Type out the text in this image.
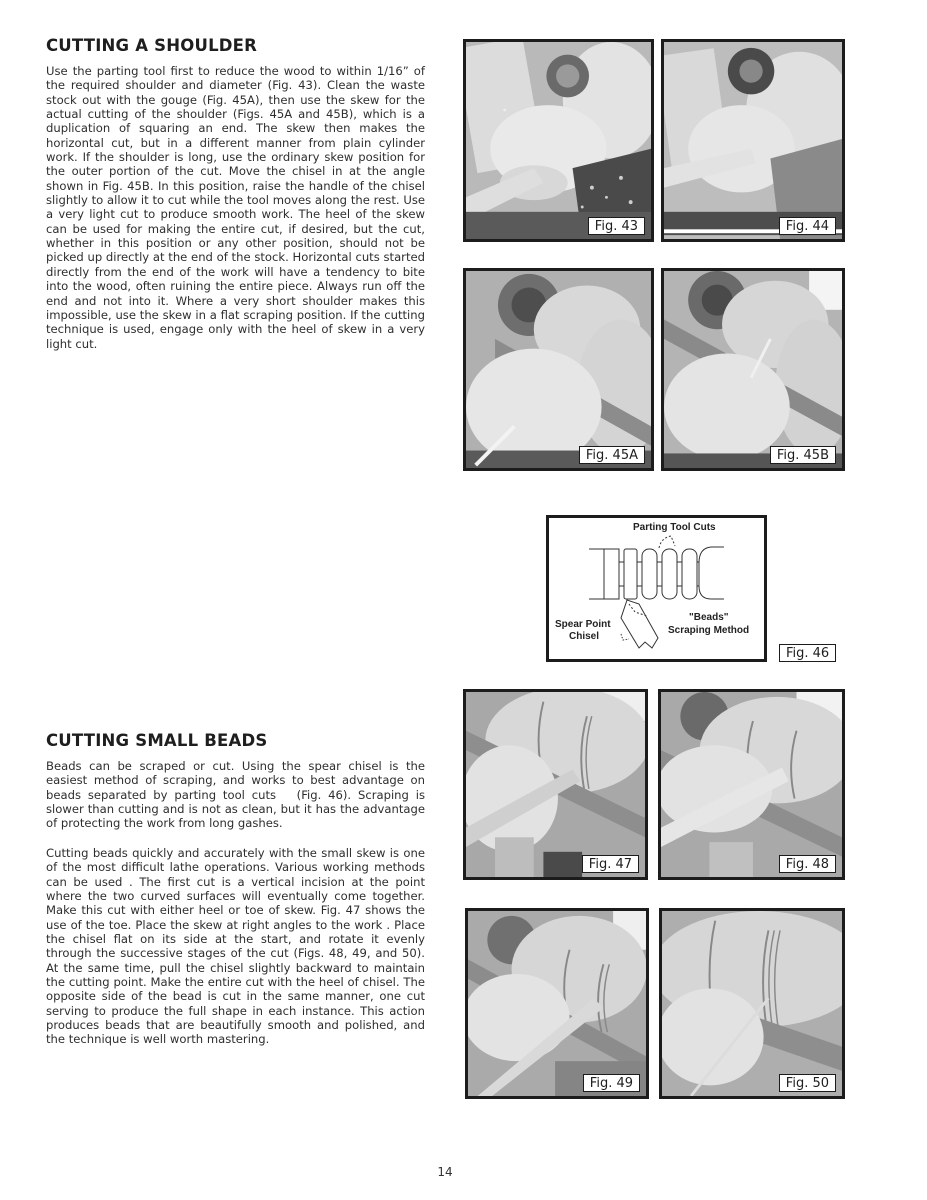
CUTTING A SHOULDER

Use the parting tool first to reduce the wood to within 1/16” of the required shoulder and diameter (Fig. 43). Clean the waste stock out with the gouge (Fig. 45A), then use the skew for the actual cutting of the shoulder (Figs. 45A and 45B), which is a duplication of squaring an end. The skew then makes the horizontal cut, but in a different manner from plain cylinder work. If the shoulder is long, use the ordinary skew position for the outer portion of the cut. Move the chisel in at the angle shown in Fig. 45B. In this position, raise the handle of the chisel slightly to allow it to cut while the tool moves along the rest. Use a very light cut to produce smooth work. The heel of the skew can be used for making the entire cut, if desired, but the cut, whether in this position or any other position, should not be picked up directly at the end of the stock. Horizontal cuts started directly from the end of the work will have a tendency to bite into the wood, often ruining the entire piece. Always run off the end and not into it. Where a very short shoulder makes this impossible, use the skew in a flat scraping position. If the cutting technique is used, engage only with the heel of skew in a very light cut.

CUTTING SMALL BEADS

Beads can be scraped or cut. Using the spear chisel is the easiest method of scraping, and works to best advantage on beads separated by parting tool cuts   (Fig. 46). Scraping is slower than cutting and is not as clean, but it has the advantage of protecting the work from long gashes.

Cutting beads quickly and accurately with the small skew is one of the most difficult lathe operations. Various working methods can be used . The first cut is a vertical incision at the point where the two curved surfaces will eventually come together. Make this cut with either heel or toe of skew. Fig. 47 shows the use of the toe. Place the skew at right angles to the work . Place the chisel flat on its side at the start, and rotate it evenly through the successive stages of the cut (Figs. 48, 49, and 50). At the same time, pull the chisel slightly backward to maintain the cutting point. Make the entire cut with the heel of chisel. The opposite side of the bead is cut in the same manner, one cut serving to produce the full shape in each instance. This action produces beads that are beautifully smooth and polished, and the technique is well worth mastering.

Fig. 43	Fig. 44
Fig. 45A	Fig. 45B
Parting Tool Cuts
Spear Point
Chisel
"Beads"
Scraping Method
Fig. 46
Fig. 47	Fig. 48
Fig. 49	Fig. 50
14
